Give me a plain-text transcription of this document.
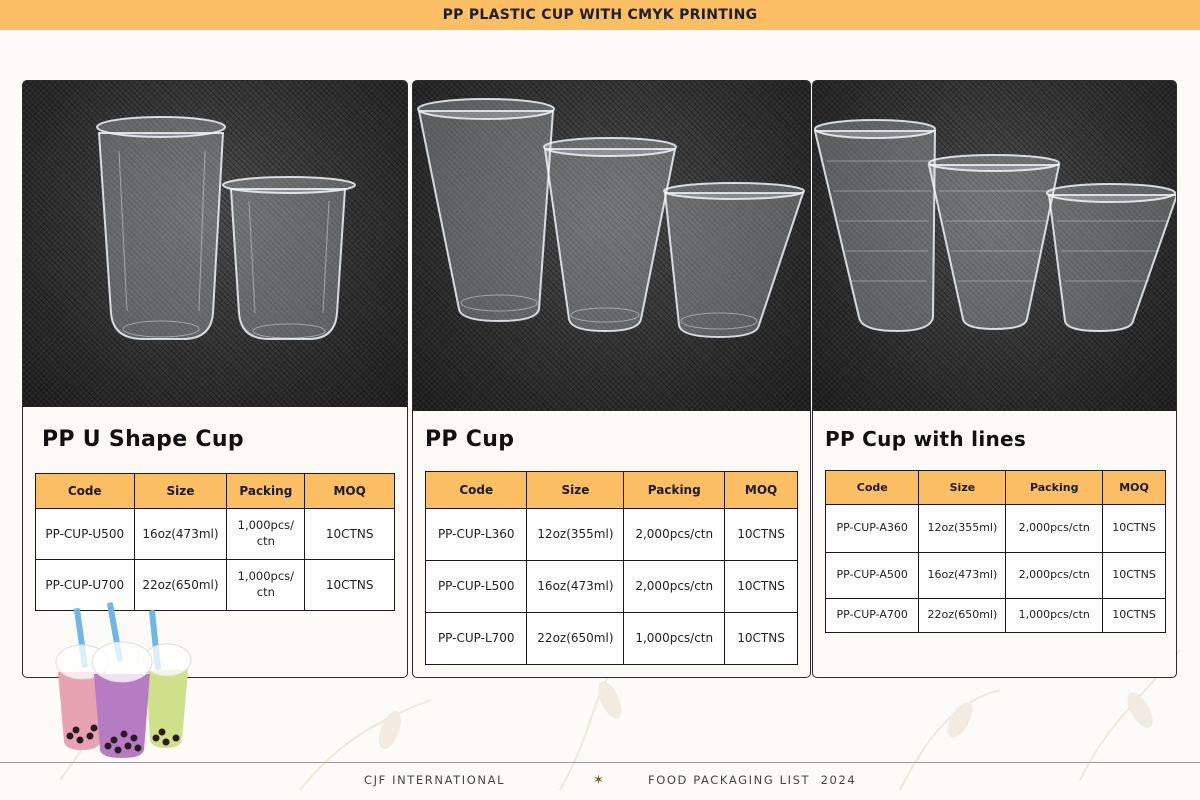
PP PLASTIC CUP WITH CMYK PRINTING
PP U Shape Cup
Code	Size	Packing	MOQ
PP-CUP-U500	16oz(473ml)	1,000pcs/ ctn	10CTNS
PP-CUP-U700	22oz(650ml)	1,000pcs/ ctn	10CTNS
PP Cup
Code	Size	Packing	MOQ
PP-CUP-L360	12oz(355ml)	2,000pcs/ctn	10CTNS
PP-CUP-L500	16oz(473ml)	2,000pcs/ctn	10CTNS
PP-CUP-L700	22oz(650ml)	1,000pcs/ctn	10CTNS
PP Cup with lines
Code	Size	Packing	MOQ
PP-CUP-A360	12oz(355ml)	2,000pcs/ctn	10CTNS
PP-CUP-A500	16oz(473ml)	2,000pcs/ctn	10CTNS
PP-CUP-A700	22oz(650ml)	1,000pcs/ctn	10CTNS
CJF INTERNATIONAL	✶	FOOD PACKAGING LIST  2024
